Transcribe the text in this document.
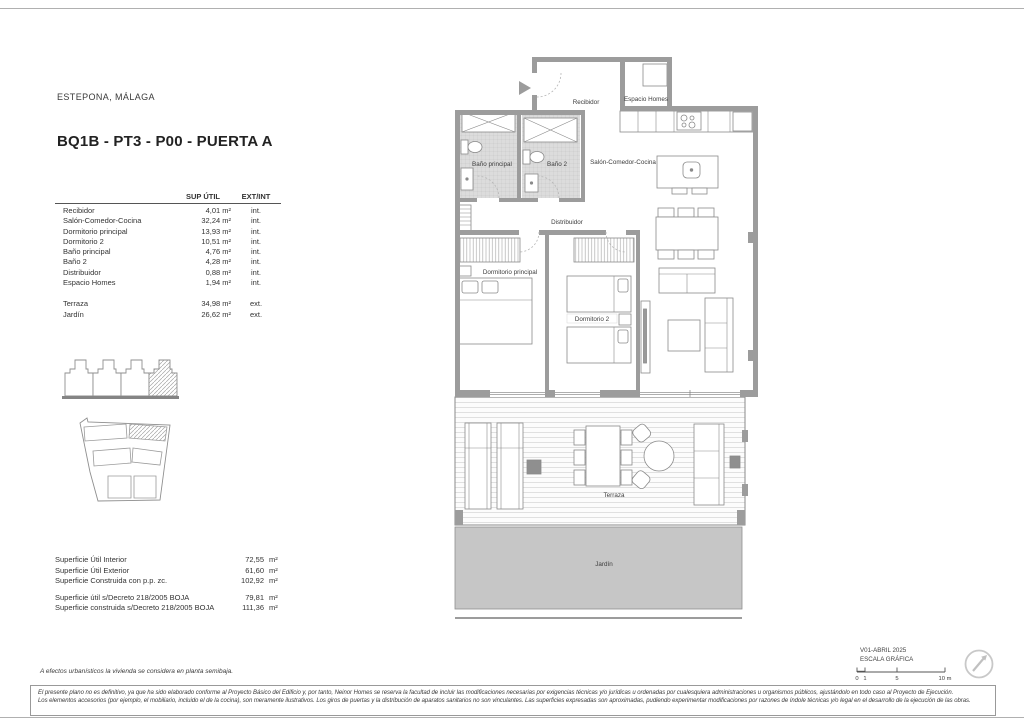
ESTEPONA, MÁLAGA
BQ1B - PT3 - P00 - PUERTA A
SUP ÚTIL	EXT/INT
Recibidor	4,01 m²	int.
Salón-Comedor-Cocina	32,24 m²	int.
Dormitorio principal	13,93 m²	int.
Dormitorio 2	10,51 m²	int.
Baño principal	4,76 m²	int.
Baño 2	4,28 m²	int.
Distribuidor	0,88 m²	int.
Espacio Homes	1,94 m²	int.
Terraza	34,98 m²	ext.
Jardín	26,62 m²	ext.
Recibidor	Espacio Homes
Salón-Comedor-Cocina
Distribuidor
Baño principal	Baño 2
Dormitorio principal
Dormitorio 2
Terraza
Jardín
Superficie Útil Interior	72,55 m²
Superficie Útil Exterior	61,60 m²
Superficie Construida con p.p. zc.	102,92 m²
Superficie útil s/Decreto 218/2005 BOJA	79,81 m²
Superficie construida s/Decreto 218/2005 BOJA	111,36 m²
A efectos urbanísticos la vivienda se considera en planta semibaja.
V01-ABRIL 2025
ESCALA GRÁFICA
0 1	5	10 m
El presente plano no es definitivo, ya que ha sido elaborado conforme al Proyecto Básico del Edificio y, por tanto, Neinor Homes se reserva la facultad de incluir las modificaciones necesarias por exigencias técnicas y/o jurídicas u ordenadas por cualesquiera administraciones u organismos públicos, ajustándolo en todo caso al Proyecto de Ejecución.
Los elementos accesorios (por ejemplo, el mobiliario, incluido el de la cocina), son meramente ilustrativos. Los giros de puertas y la distribución de aparatos sanitarios no son vinculantes. Las superficies expresadas son aproximadas, pudiendo experimentar modificaciones por razones de índole técnicas y/o legal en el desarrollo de la ejecución de las obras.
